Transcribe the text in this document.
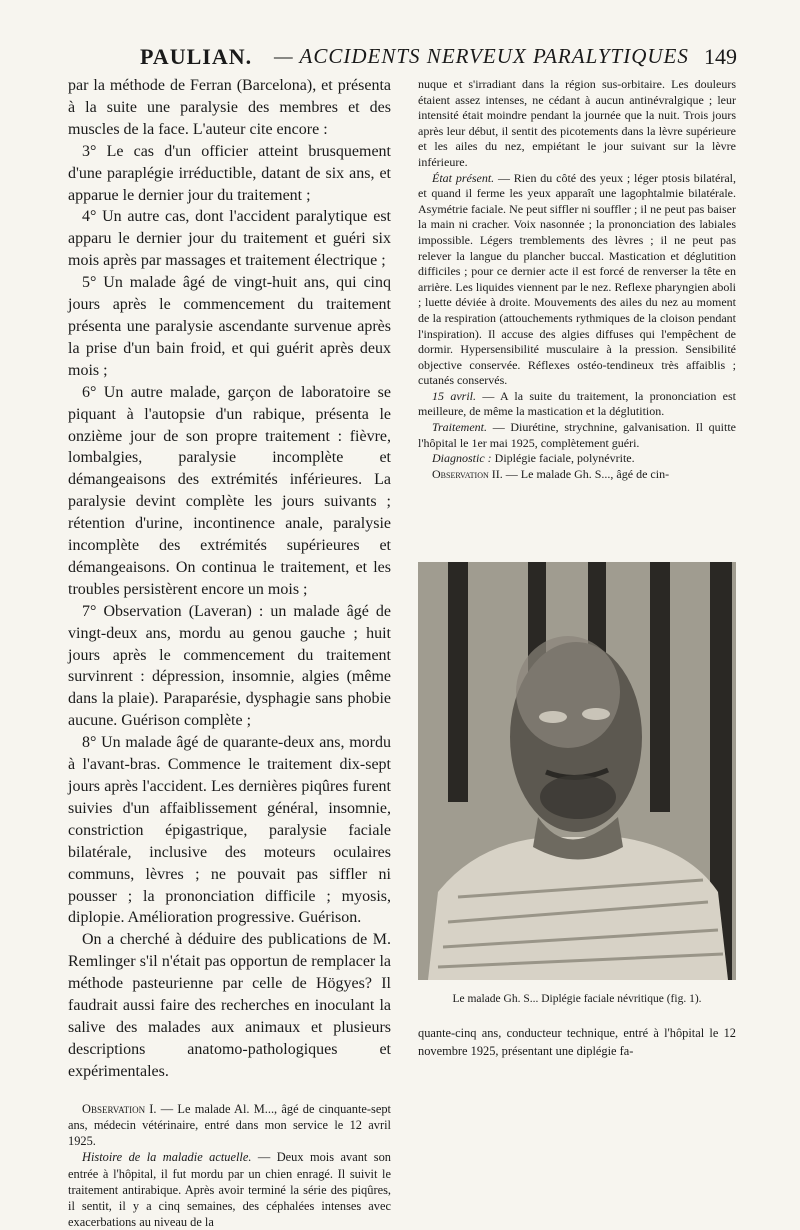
PAULIAN. — ACCIDENTS NERVEUX PARALYTIQUES 149

par la méthode de Ferran (Barcelona), et présenta à la suite une paralysie des membres et des muscles de la face. L'auteur cite encore :

3° Le cas d'un officier atteint brusquement d'une paraplégie irréductible, datant de six ans, et apparue le dernier jour du traitement ;

4° Un autre cas, dont l'accident paralytique est apparu le dernier jour du traitement et guéri six mois après par massages et traitement électrique ;

5° Un malade âgé de vingt-huit ans, qui cinq jours après le commencement du traitement présenta une paralysie ascendante survenue après la prise d'un bain froid, et qui guérit après deux mois ;

6° Un autre malade, garçon de laboratoire se piquant à l'autopsie d'un rabique, présenta le onzième jour de son propre traitement : fièvre, lombalgies, paralysie incomplète et démangeaisons des extrémités inférieures. La paralysie devint complète les jours suivants ; rétention d'urine, incontinence anale, paralysie incomplète des extrémités supérieures et démangeaisons. On continua le traitement, et les troubles persistèrent encore un mois ;

7° Observation (Laveran) : un malade âgé de vingt-deux ans, mordu au genou gauche ; huit jours après le commencement du traitement survinrent : dépression, insomnie, algies (même dans la plaie). Paraparésie, dysphagie sans phobie aucune. Guérison complète ;

8° Un malade âgé de quarante-deux ans, mordu à l'avant-bras. Commence le traitement dix-sept jours après l'accident. Les dernières piqûres furent suivies d'un affaiblissement général, insomnie, constriction épigastrique, paralysie faciale bilatérale, inclusive des moteurs oculaires communs, lèvres ; ne pouvait pas siffler ni pousser ; la prononciation difficile ; myosis, diplopie. Amélioration progressive. Guérison.

On a cherché à déduire des publications de M. Remlinger s'il n'était pas opportun de remplacer la méthode pasteurienne par celle de Högyes? Il faudrait aussi faire des recherches en inoculant la salive des malades aux animaux et plusieurs descriptions anatomo-pathologiques et expérimentales.

Observation I. — Le malade Al. M..., âgé de cinquante-sept ans, médecin vétérinaire, entré dans mon service le 12 avril 1925.

Histoire de la maladie actuelle. — Deux mois avant son entrée à l'hôpital, il fut mordu par un chien enragé. Il suivit le traitement antirabique. Après avoir terminé la série des piqûres, il sentit, il y a cinq semaines, des céphalées intenses avec exacerbations au niveau de la

nuque et s'irradiant dans la région sus-orbitaire. Les douleurs étaient assez intenses, ne cédant à aucun antinévralgique ; leur intensité était moindre pendant la journée que la nuit. Trois jours après leur début, il sentit des picotements dans la lèvre supérieure et les ailes du nez, empiétant le jour suivant sur la lèvre inférieure.

État présent. — Rien du côté des yeux ; léger ptosis bilatéral, et quand il ferme les yeux apparaît une lagophtalmie bilatérale. Asymétrie faciale. Ne peut siffler ni souffler ; il ne peut pas baiser la main ni cracher. Voix nasonnée ; la prononciation des labiales impossible. Légers tremblements des lèvres ; il ne peut pas relever la langue du plancher buccal. Mastication et déglutition difficiles ; pour ce dernier acte il est forcé de renverser la tête en arrière. Les liquides viennent par le nez. Reflexe pharyngien aboli ; luette déviée à droite. Mouvements des ailes du nez au moment de la respiration (attouchements rythmiques de la cloison pendant l'inspiration). Il accuse des algies diffuses qui l'empêchent de dormir. Hypersensibilité musculaire à la pression. Sensibilité objective conservée. Réflexes ostéo-tendineux très affaiblis ; cutanés conservés.

15 avril. — A la suite du traitement, la prononciation est meilleure, de même la mastication et la déglutition.

Traitement. — Diurétine, strychnine, galvanisation. Il quitte l'hôpital le 1er mai 1925, complètement guéri.

Diagnostic : Diplégie faciale, polynévrite.

Observation II. — Le malade Gh. S..., âgé de cin-

Le malade Gh. S... Diplégie faciale névritique (fig. 1).

quante-cinq ans, conducteur technique, entré à l'hôpital le 12 novembre 1925, présentant une diplégie fa-
